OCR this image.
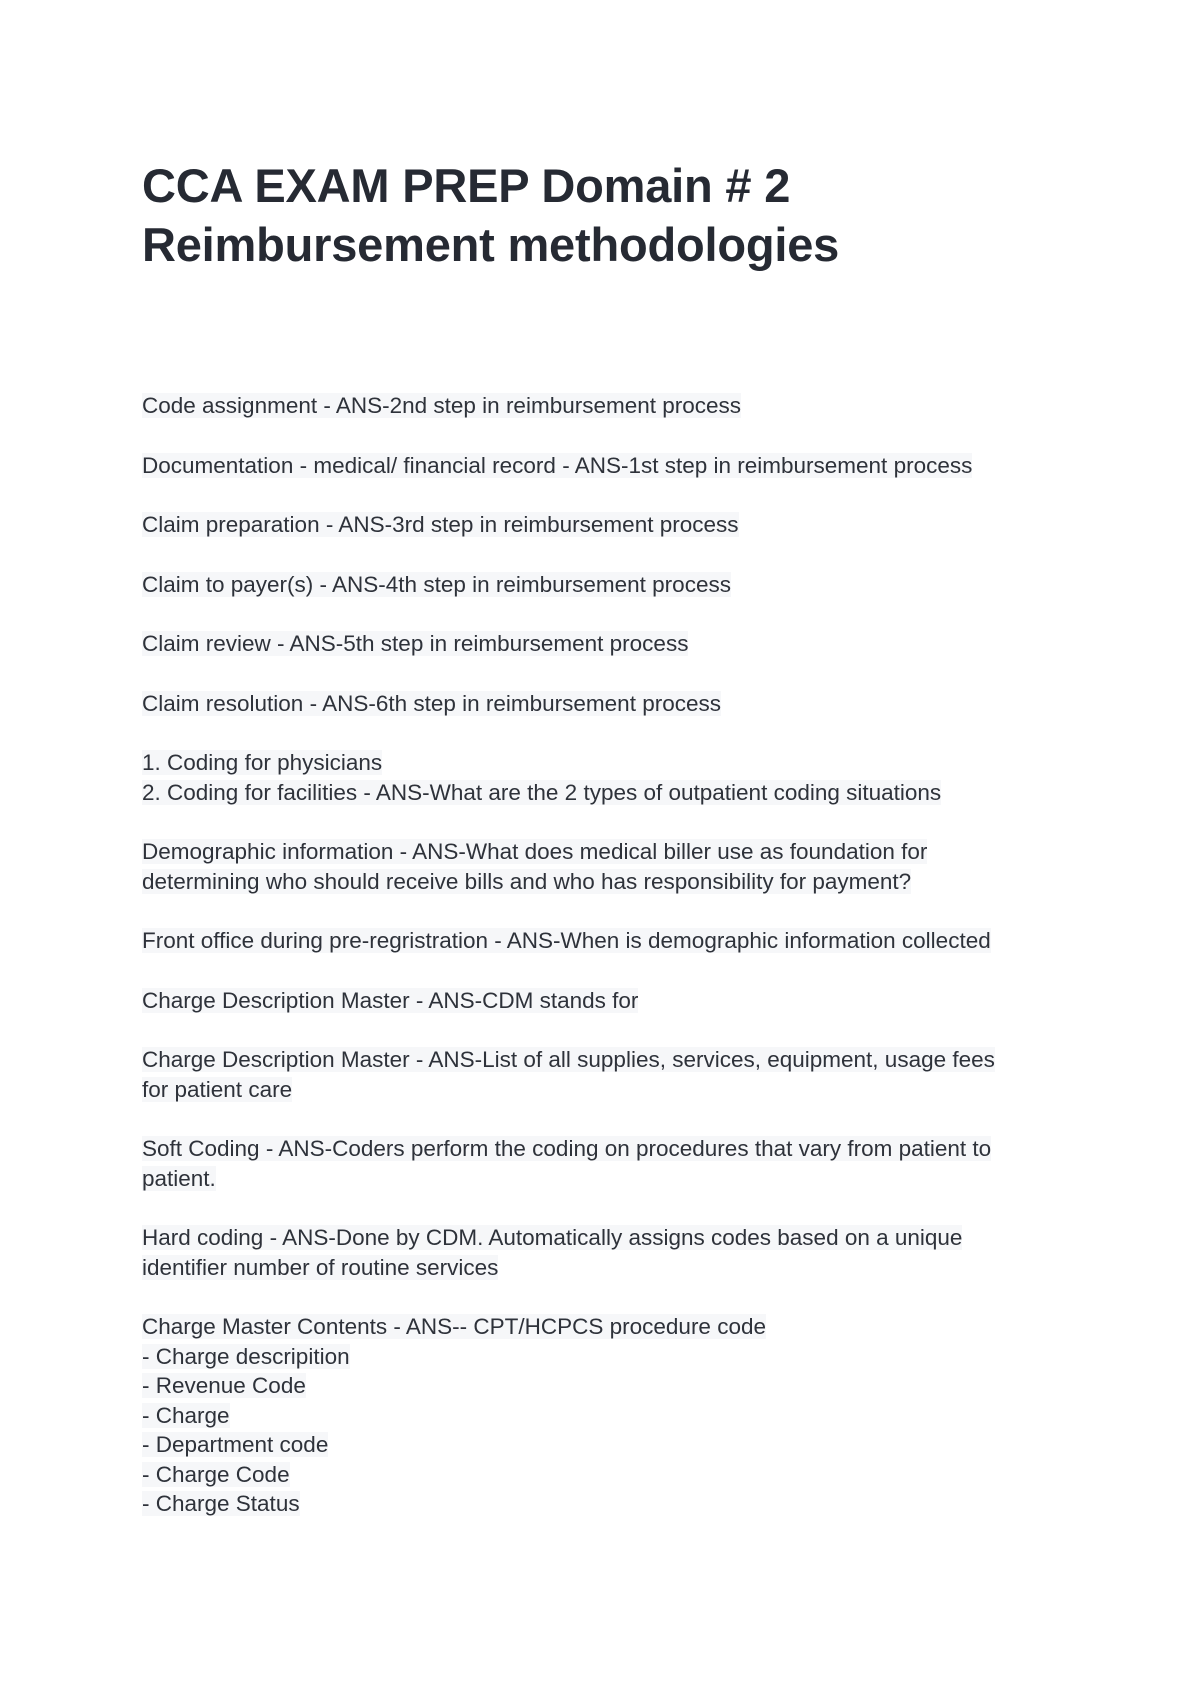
CCA EXAM PREP Domain # 2
Reimbursement methodologies
Code assignment - ANS-2nd step in reimbursement process
Documentation - medical/ financial record - ANS-1st step in reimbursement process
Claim preparation - ANS-3rd step in reimbursement process
Claim to payer(s) - ANS-4th step in reimbursement process
Claim review - ANS-5th step in reimbursement process
Claim resolution - ANS-6th step in reimbursement process
1. Coding for physicians
2. Coding for facilities - ANS-What are the 2 types of outpatient coding situations
Demographic information - ANS-What does medical biller use as foundation for
determining who should receive bills and who has responsibility for payment?
Front office during pre-regristration - ANS-When is demographic information collected
Charge Description Master - ANS-CDM stands for
Charge Description Master - ANS-List of all supplies, services, equipment, usage fees
for patient care
Soft Coding - ANS-Coders perform the coding on procedures that vary from patient to
patient.
Hard coding - ANS-Done by CDM. Automatically assigns codes based on a unique
identifier number of routine services
Charge Master Contents - ANS-- CPT/HCPCS procedure code
- Charge descripition
- Revenue Code
- Charge
- Department code
- Charge Code
- Charge Status
